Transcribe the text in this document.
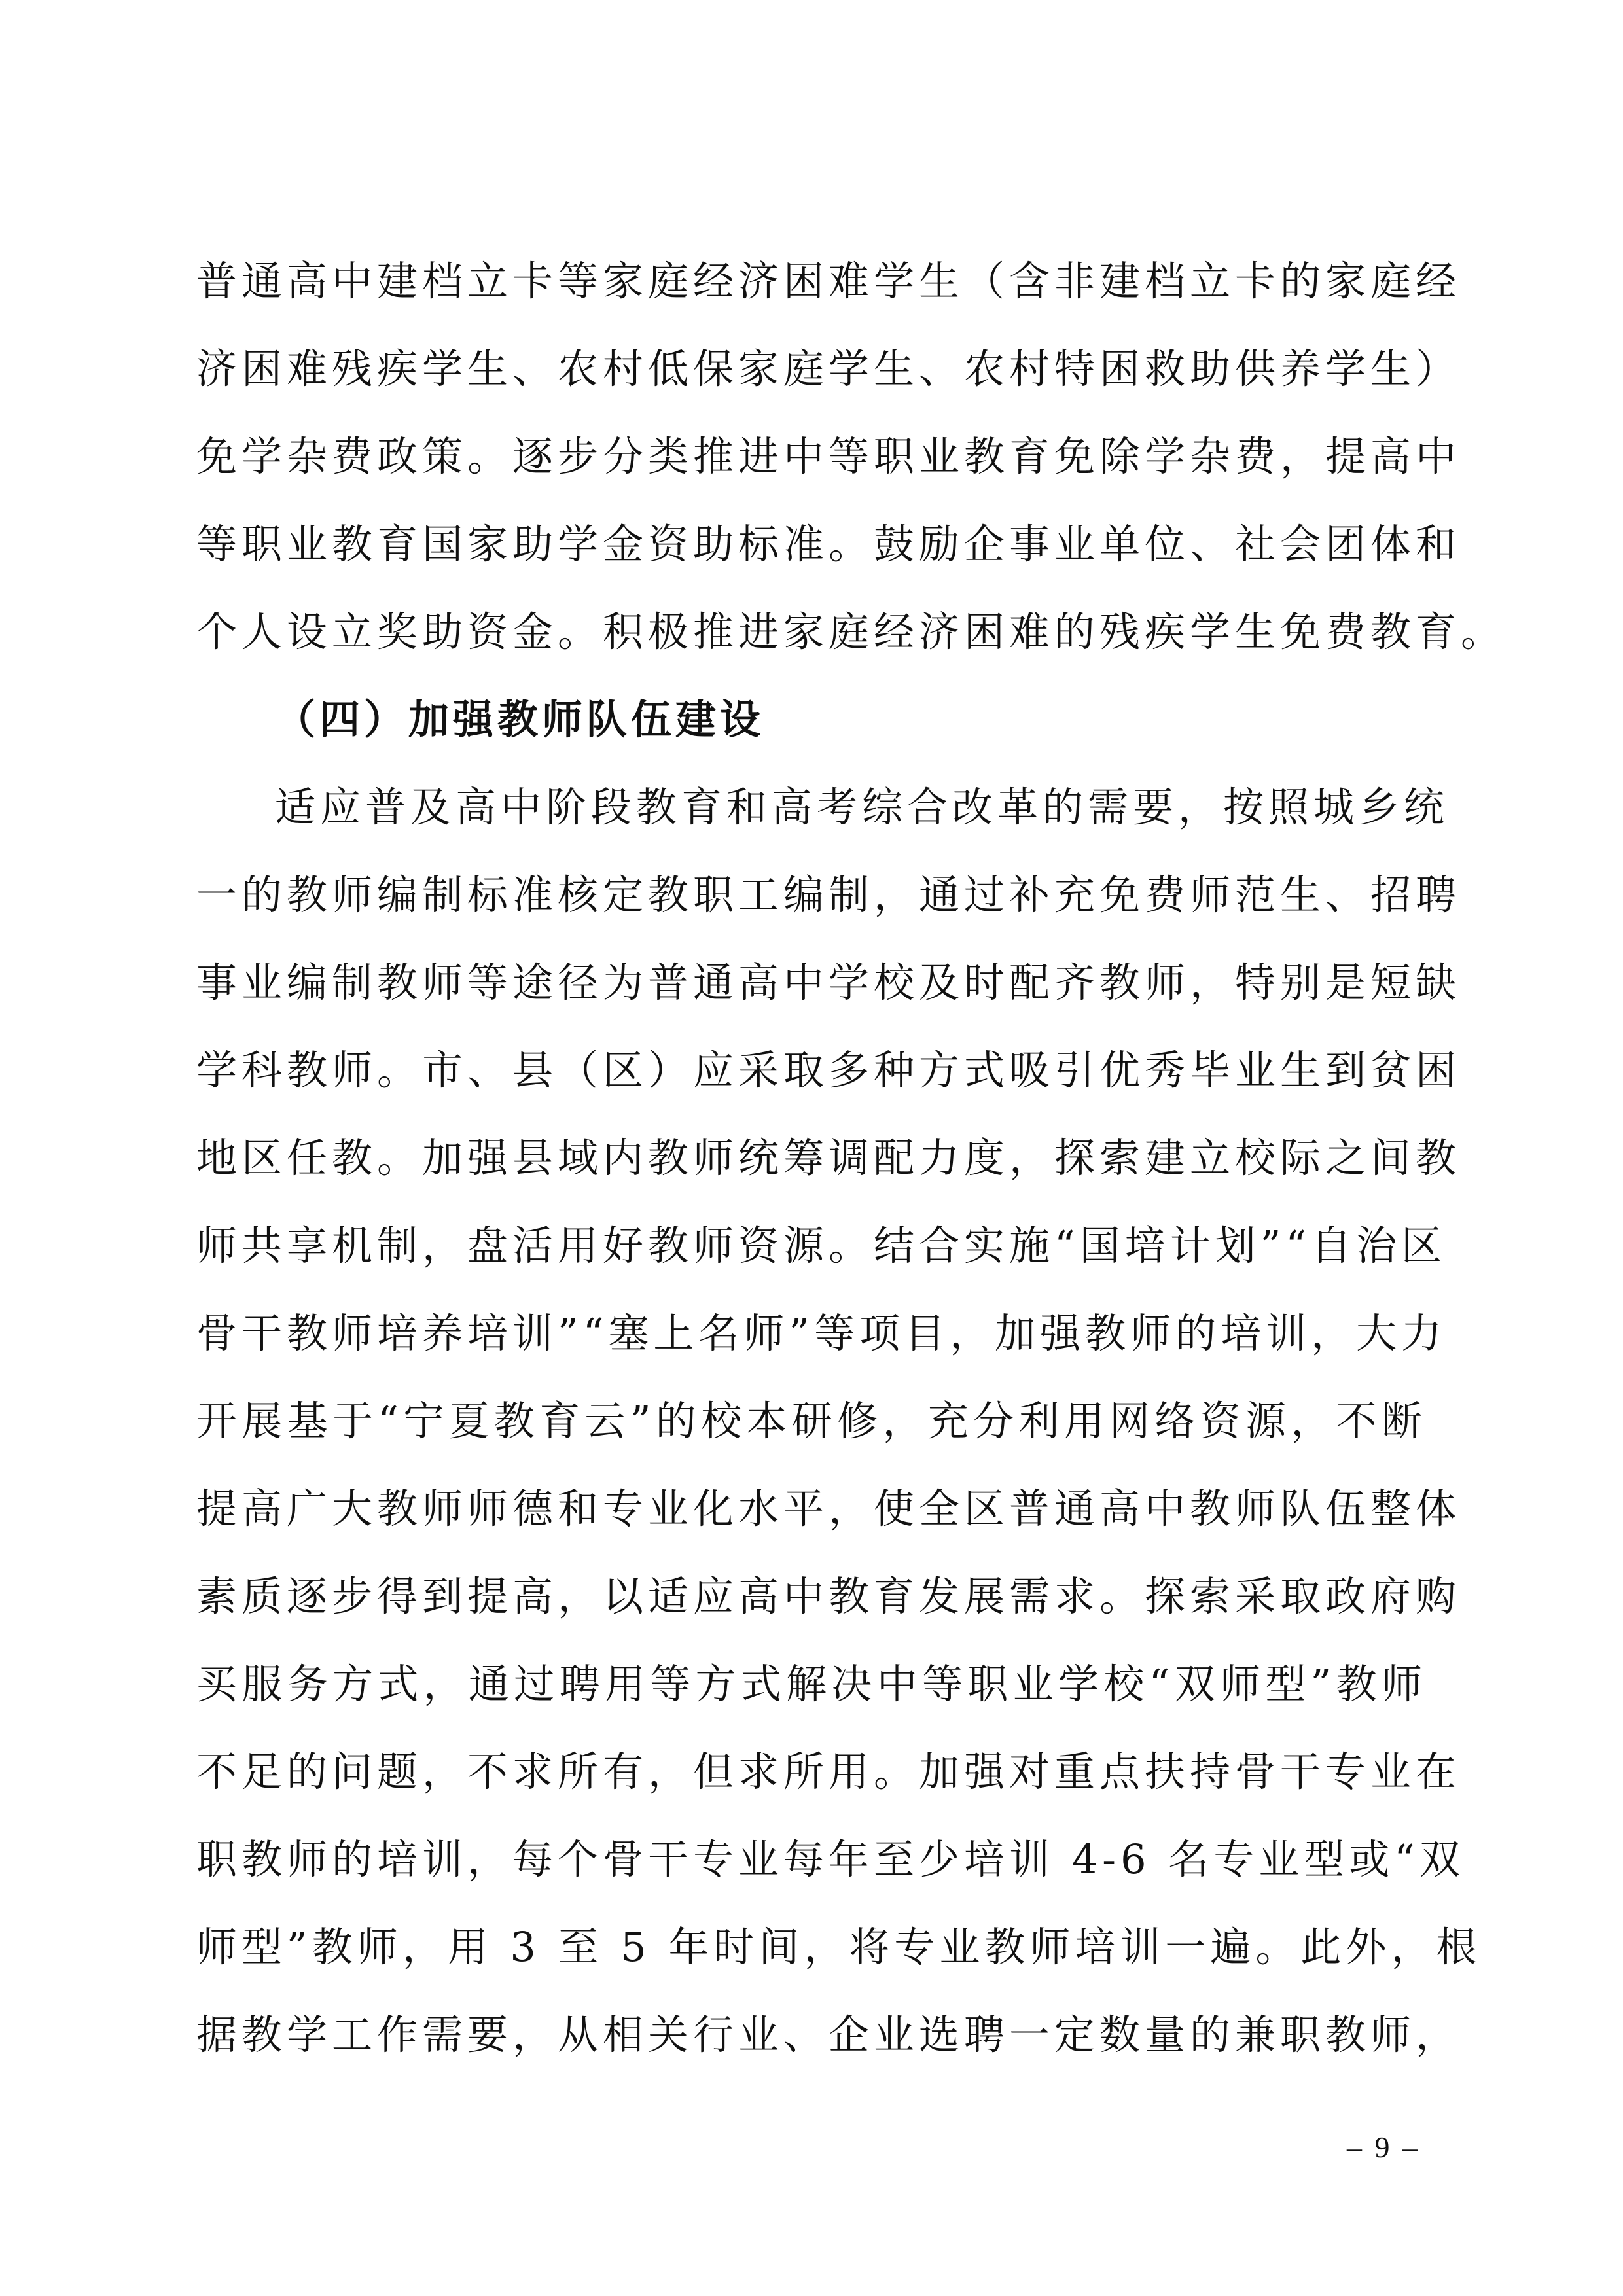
普通高中建档立卡等家庭经济困难学生（含非建档立卡的家庭经
济困难残疾学生、农村低保家庭学生、农村特困救助供养学生）
免学杂费政策。逐步分类推进中等职业教育免除学杂费，提高中
等职业教育国家助学金资助标准。鼓励企事业单位、社会团体和
个人设立奖助资金。积极推进家庭经济困难的残疾学生免费教育。
（四）加强教师队伍建设
适应普及高中阶段教育和高考综合改革的需要，按照城乡统
一的教师编制标准核定教职工编制，通过补充免费师范生、招聘
事业编制教师等途径为普通高中学校及时配齐教师，特别是短缺
学科教师。市、县（区）应采取多种方式吸引优秀毕业生到贫困
地区任教。加强县域内教师统筹调配力度，探索建立校际之间教
师共享机制，盘活用好教师资源。结合实施“国培计划”“自治区
骨干教师培养培训”“塞上名师”等项目，加强教师的培训，大力
开展基于“宁夏教育云”的校本研修，充分利用网络资源，不断
提高广大教师师德和专业化水平，使全区普通高中教师队伍整体
素质逐步得到提高，以适应高中教育发展需求。探索采取政府购
买服务方式，通过聘用等方式解决中等职业学校“双师型”教师
不足的问题，不求所有，但求所用。加强对重点扶持骨干专业在
职教师的培训，每个骨干专业每年至少培训 4-6 名专业型或“双
师型”教师，用 3 至 5 年时间，将专业教师培训一遍。此外，根
据教学工作需要，从相关行业、企业选聘一定数量的兼职教师，
– 9 –
